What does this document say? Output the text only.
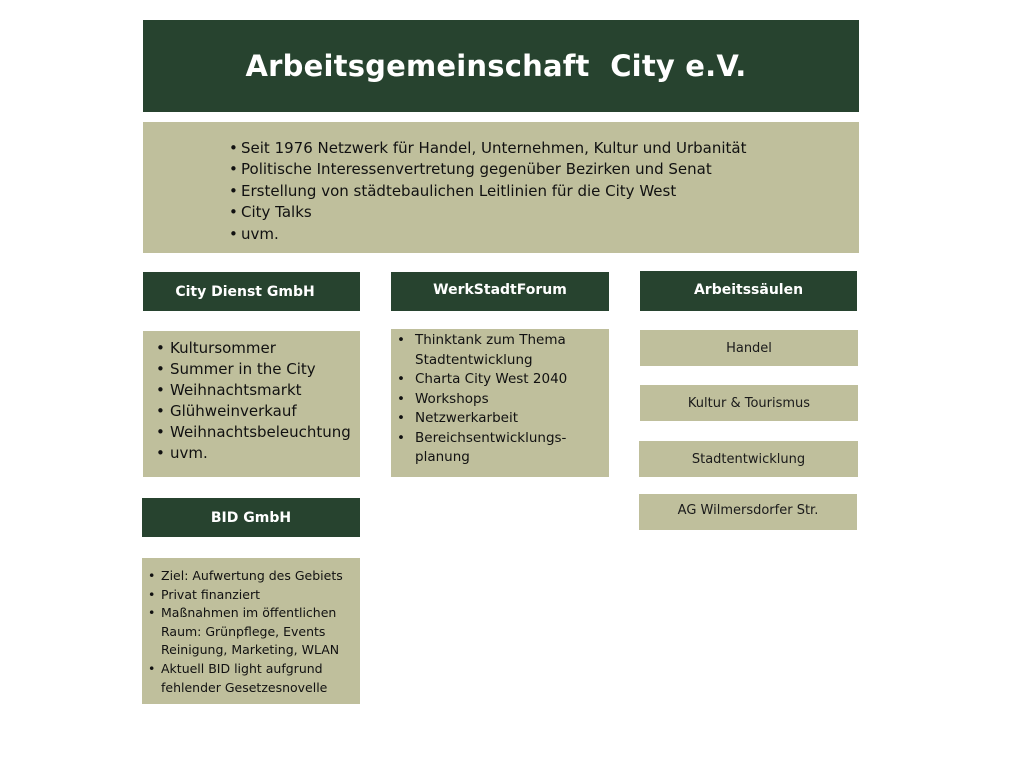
Arbeitsgemeinschaft  City e.V.
• Seit 1976 Netzwerk für Handel, Unternehmen, Kultur und Urbanität
• Politische Interessenvertretung gegenüber Bezirken und Senat
• Erstellung von städtebaulichen Leitlinien für die City West
• City Talks
• uvm.
City Dienst GmbH
• Kultursommer
• Summer in the City
• Weihnachtsmarkt
• Glühweinverkauf
• Weihnachtsbeleuchtung
• uvm.
BID GmbH
• Ziel: Aufwertung des Gebiets
• Privat finanziert
• Maßnahmen im öffentlichen Raum: Grünpflege, Events Reinigung, Marketing, WLAN
• Aktuell BID light aufgrund fehlender Gesetzesnovelle
WerkStadtForum
• Thinktank zum Thema Stadtentwicklung
• Charta City West 2040
• Workshops
• Netzwerkarbeit
• Bereichsentwicklungs-planung
Arbeitssäulen
Handel
Kultur & Tourismus
Stadtentwicklung
AG Wilmersdorfer Str.
